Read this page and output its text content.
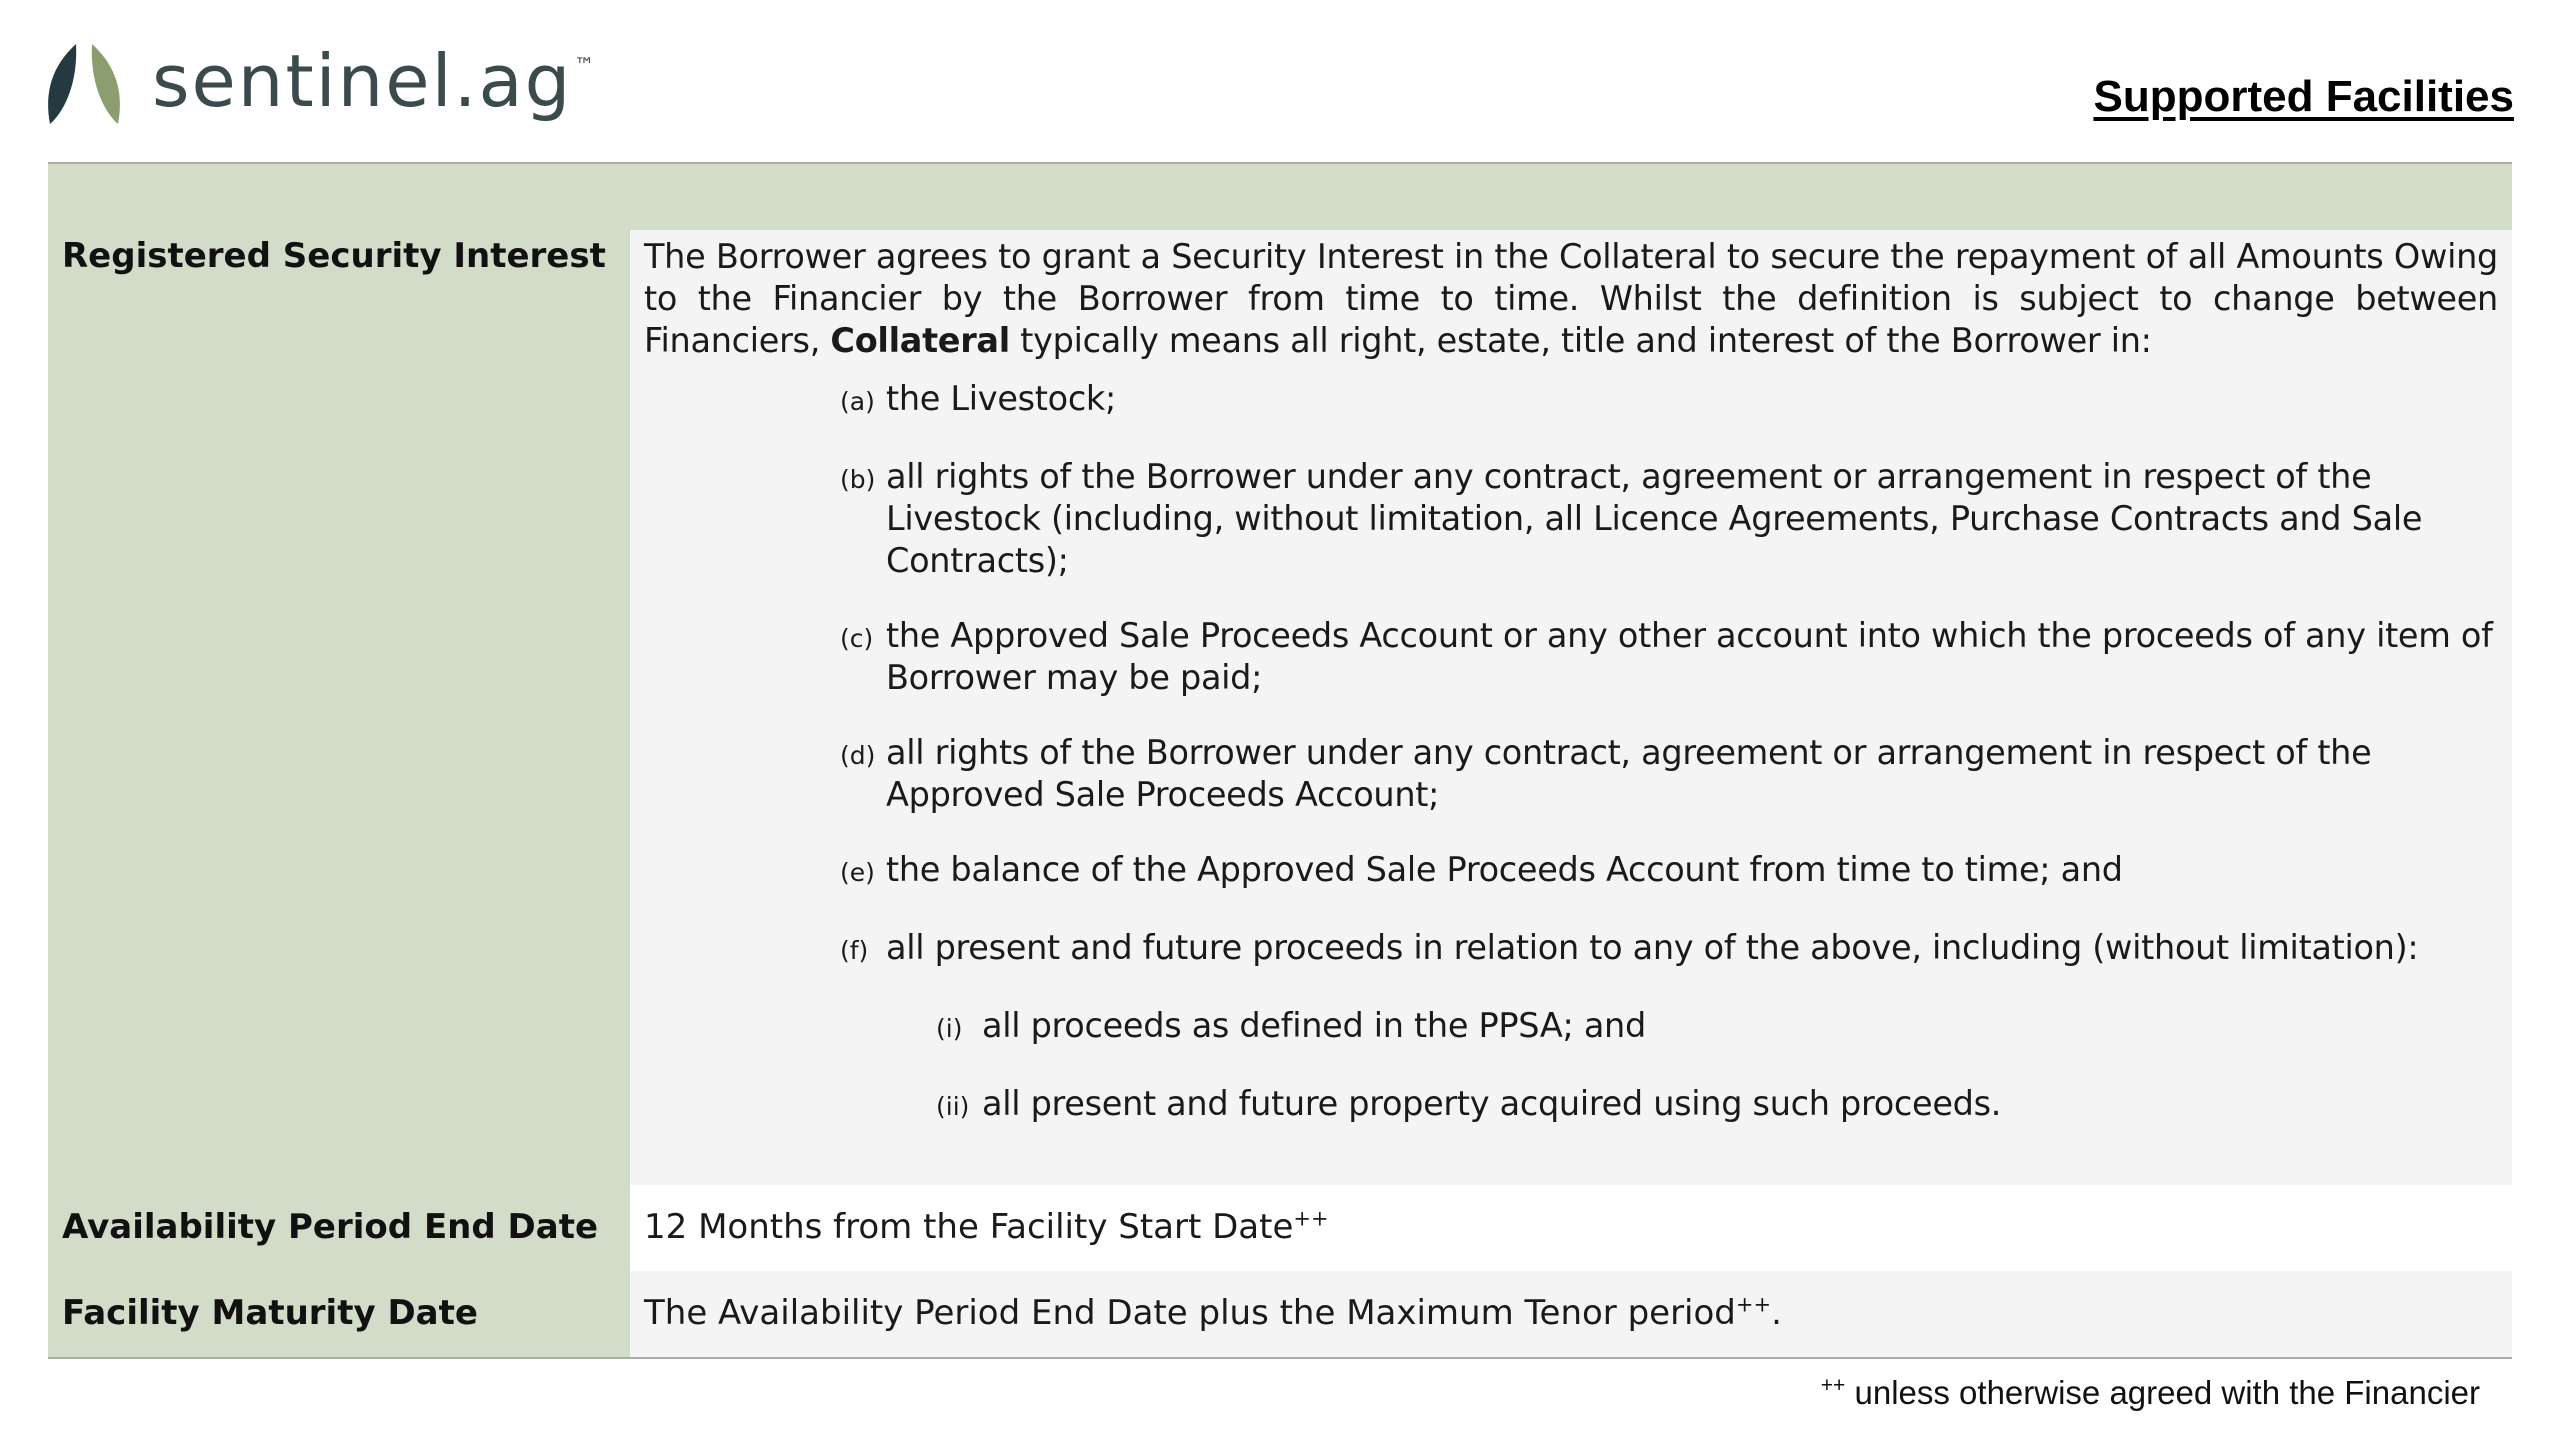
sentinel.ag ™
Supported Facilities
Registered Security Interest	The Borrower agrees to grant a Security Interest in the Collateral to secure the repayment of all Amounts Owing to the Financier by the Borrower from time to time. Whilst the definition is subject to change between Financiers, Collateral typically means all right, estate, title and interest of the Borrower in:
(a) the Livestock;
(b) all rights of the Borrower under any contract, agreement or arrangement in respect of the Livestock (including, without limitation, all Licence Agreements, Purchase Contracts and Sale Contracts);
(c) the Approved Sale Proceeds Account or any other account into which the proceeds of any item of Borrower may be paid;
(d) all rights of the Borrower under any contract, agreement or arrangement in respect of the Approved Sale Proceeds Account;
(e) the balance of the Approved Sale Proceeds Account from time to time; and
(f) all present and future proceeds in relation to any of the above, including (without limitation):
(i) all proceeds as defined in the PPSA; and
(ii) all present and future property acquired using such proceeds.
Availability Period End Date	12 Months from the Facility Start Date++
Facility Maturity Date	The Availability Period End Date plus the Maximum Tenor period++.
++ unless otherwise agreed with the Financier
